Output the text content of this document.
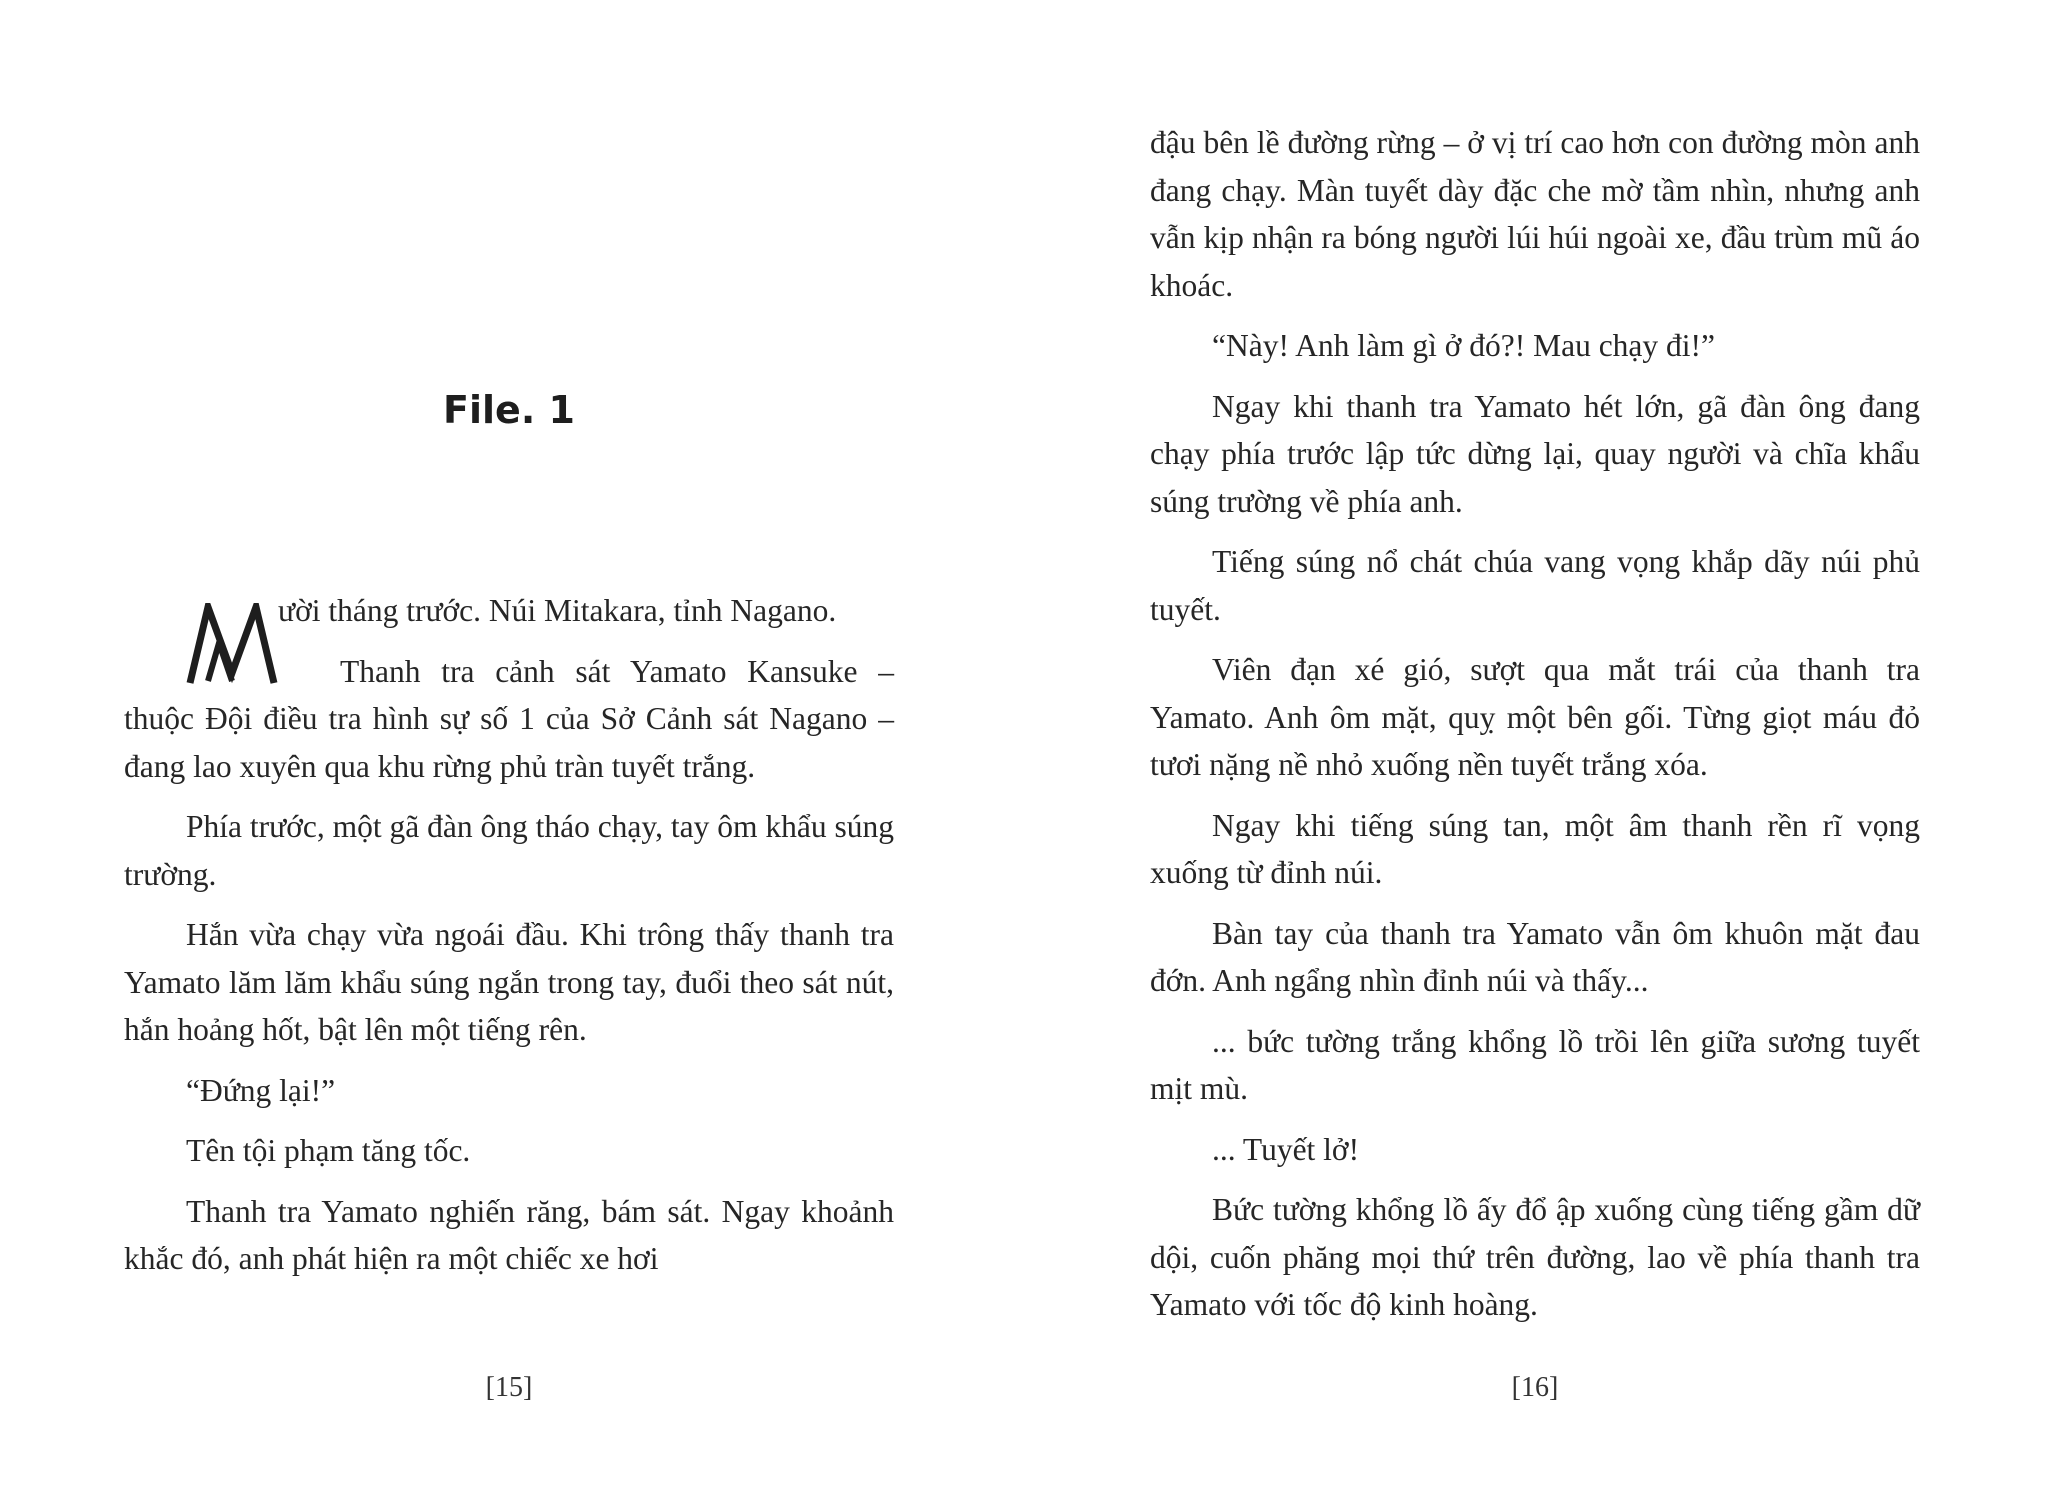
File. 1

ười tháng trước. Núi Mitakara, tỉnh Nagano.

Thanh tra cảnh sát Yamato Kansuke – thuộc Đội điều tra hình sự số 1 của Sở Cảnh sát Nagano – đang lao xuyên qua khu rừng phủ tràn tuyết trắng.

Phía trước, một gã đàn ông tháo chạy, tay ôm khẩu súng trường.

Hắn vừa chạy vừa ngoái đầu. Khi trông thấy thanh tra Yamato lăm lăm khẩu súng ngắn trong tay, đuổi theo sát nút, hắn hoảng hốt, bật lên một tiếng rên.

“Đứng lại!”

Tên tội phạm tăng tốc.

Thanh tra Yamato nghiến răng, bám sát. Ngay khoảnh khắc đó, anh phát hiện ra một chiếc xe hơi

[15]

đậu bên lề đường rừng – ở vị trí cao hơn con đường mòn anh đang chạy. Màn tuyết dày đặc che mờ tầm nhìn, nhưng anh vẫn kịp nhận ra bóng người lúi húi ngoài xe, đầu trùm mũ áo khoác.

“Này! Anh làm gì ở đó?! Mau chạy đi!”

Ngay khi thanh tra Yamato hét lớn, gã đàn ông đang chạy phía trước lập tức dừng lại, quay người và chĩa khẩu súng trường về phía anh.

Tiếng súng nổ chát chúa vang vọng khắp dãy núi phủ tuyết.

Viên đạn xé gió, sượt qua mắt trái của thanh tra Yamato. Anh ôm mặt, quỵ một bên gối. Từng giọt máu đỏ tươi nặng nề nhỏ xuống nền tuyết trắng xóa.

Ngay khi tiếng súng tan, một âm thanh rền rĩ vọng xuống từ đỉnh núi.

Bàn tay của thanh tra Yamato vẫn ôm khuôn mặt đau đớn. Anh ngẩng nhìn đỉnh núi và thấy...

... bức tường trắng khổng lồ trồi lên giữa sương tuyết mịt mù.

... Tuyết lở!

Bức tường khổng lồ ấy đổ ập xuống cùng tiếng gầm dữ dội, cuốn phăng mọi thứ trên đường, lao về phía thanh tra Yamato với tốc độ kinh hoàng.

[16]
